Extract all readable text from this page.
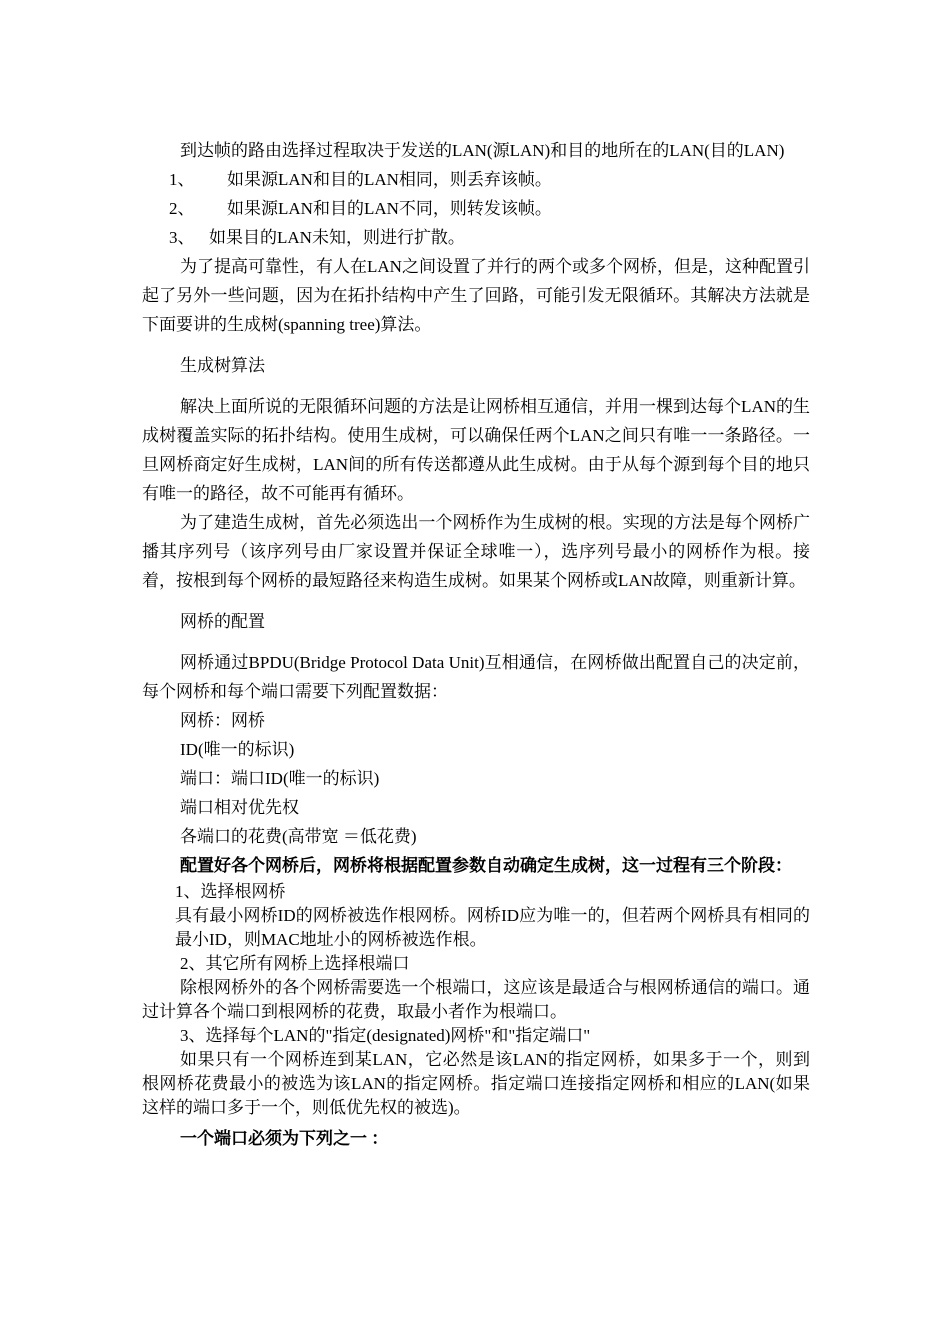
到达帧的路由选择过程取决于发送的LAN(源LAN)和目的地所在的LAN(目的LAN)

1、 如果源LAN和目的LAN相同，则丢弃该帧。

2、 如果源LAN和目的LAN不同，则转发该帧。

3、 如果目的LAN未知，则进行扩散。

为了提高可靠性，有人在LAN之间设置了并行的两个或多个网桥，但是，这种配置引起了另外一些问题，因为在拓扑结构中产生了回路，可能引发无限循环。其解决方法就是下面要讲的生成树(spanning tree)算法。

生成树算法

解决上面所说的无限循环问题的方法是让网桥相互通信，并用一棵到达每个LAN的生成树覆盖实际的拓扑结构。使用生成树，可以确保任两个LAN之间只有唯一一条路径。一旦网桥商定好生成树，LAN间的所有传送都遵从此生成树。由于从每个源到每个目的地只有唯一的路径，故不可能再有循环。

为了建造生成树，首先必须选出一个网桥作为生成树的根。实现的方法是每个网桥广播其序列号（该序列号由厂家设置并保证全球唯一），选序列号最小的网桥作为根。接着，按根到每个网桥的最短路径来构造生成树。如果某个网桥或LAN故障，则重新计算。

网桥的配置

网桥通过BPDU(Bridge Protocol Data Unit)互相通信，在网桥做出配置自己的决定前，每个网桥和每个端口需要下列配置数据：

网桥：网桥

ID(唯一的标识)

端口：端口ID(唯一的标识)

端口相对优先权

各端口的花费(高带宽 ＝低花费)

配置好各个网桥后，网桥将根据配置参数自动确定生成树，这一过程有三个阶段：

1、选择根网桥

具有最小网桥ID的网桥被选作根网桥。网桥ID应为唯一的，但若两个网桥具有相同的最小ID，则MAC地址小的网桥被选作根。

2、其它所有网桥上选择根端口

除根网桥外的各个网桥需要选一个根端口，这应该是最适合与根网桥通信的端口。通过计算各个端口到根网桥的花费，取最小者作为根端口。

3、选择每个LAN的"指定(designated)网桥"和"指定端口"

如果只有一个网桥连到某LAN，它必然是该LAN的指定网桥，如果多于一个，则到根网桥花费最小的被选为该LAN的指定网桥。指定端口连接指定网桥和相应的LAN(如果这样的端口多于一个，则低优先权的被选)。

一个端口必须为下列之一 ：
